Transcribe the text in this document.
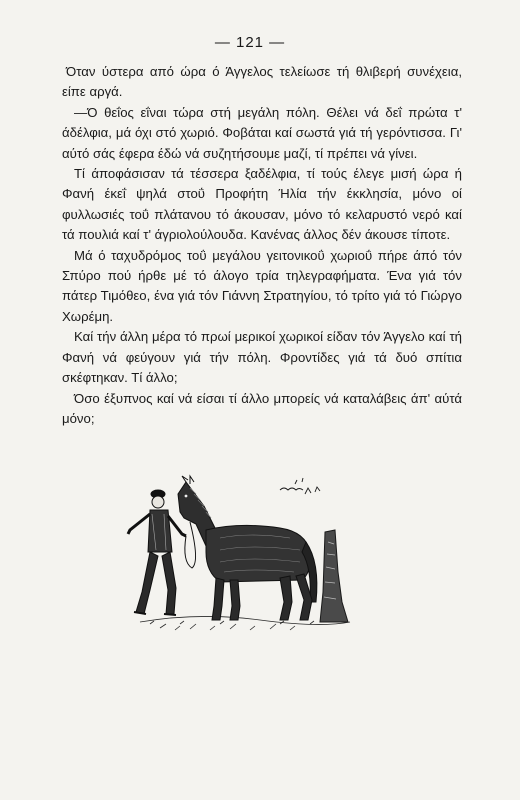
— 121 —

Όταν ύστερα από ώρα ό Άγγελος τελείωσε τή θλιβερή συνέχεια, είπε αργά.

—Ό θεΐος εΐναι τώρα στή μεγάλη πόλη. Θέλει νά δεΐ πρώτα τ' άδέλφια, μά όχι στό χωριό. Φοβάται καί σωστά γιά τή γερόντισσα. Γι' αύτό σάς έφερα έδώ νά συζητήσουμε μαζί, τί πρέπει νά γίνει.

Τί άποφάσισαν τά τέσσερα ξαδέλφια, τί τούς έλεγε μισή ώρα ή Φανή έκεΐ ψηλά στοΰ Προφήτη Ήλία τήν έκκλησία, μόνο οί φυλλωσιές τοΰ πλάτανου τό άκουσαν, μόνο τό κελαρυστό νερό καί τά πουλιά καί τ' άγριολούλουδα. Κανένας άλλος δέν άκουσε τίποτε.

Μά ό ταχυδρόμος τοΰ μεγάλου γειτονικοΰ χωριοΰ πήρε άπό τόν Σπύρο πού ήρθε μέ τό άλογο τρία τηλεγραφήματα. Ένα γιά τόν πάτερ Τιμόθεο, ένα γιά τόν Γιάννη Στρατηγίου, τό τρίτο γιά τό Γιώργο Χωρέμη.

Καί τήν άλλη μέρα τό πρωί μερικοί χωρικοί είδαν τόν Άγγελο καί τή Φανή νά φεύγουν γιά τήν πόλη. Φροντίδες γιά τά δυό σπίτια σκέφτηκαν. Τί άλλο;

Όσο έξυπνος καί νά είσαι τί άλλο μπορείς νά καταλάβεις άπ' αύτά μόνο;
